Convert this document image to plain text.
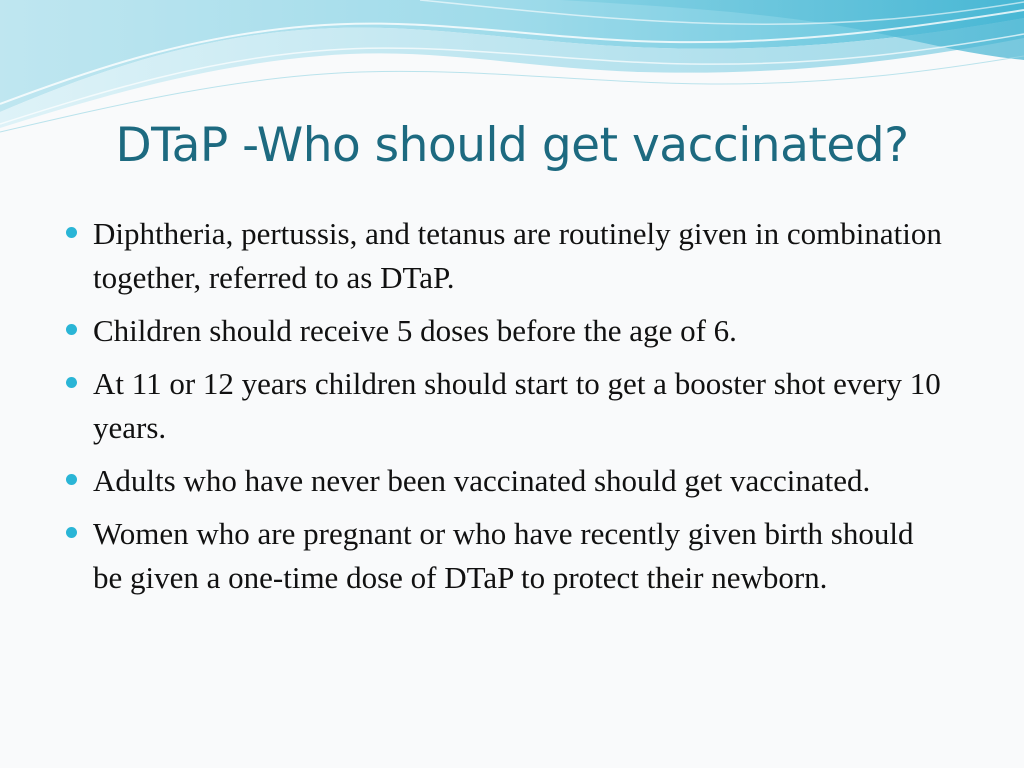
DTaP -Who should get vaccinated?
Diphtheria, pertussis, and tetanus are routinely given in combination together, referred to as DTaP.
Children should receive 5 doses before the age of 6.
At 11 or 12 years children should start to get a booster shot every 10 years.
Adults who have never been vaccinated should get vaccinated.
Women who are pregnant or who have recently given birth should be given a one-time dose of DTaP to protect their newborn.
